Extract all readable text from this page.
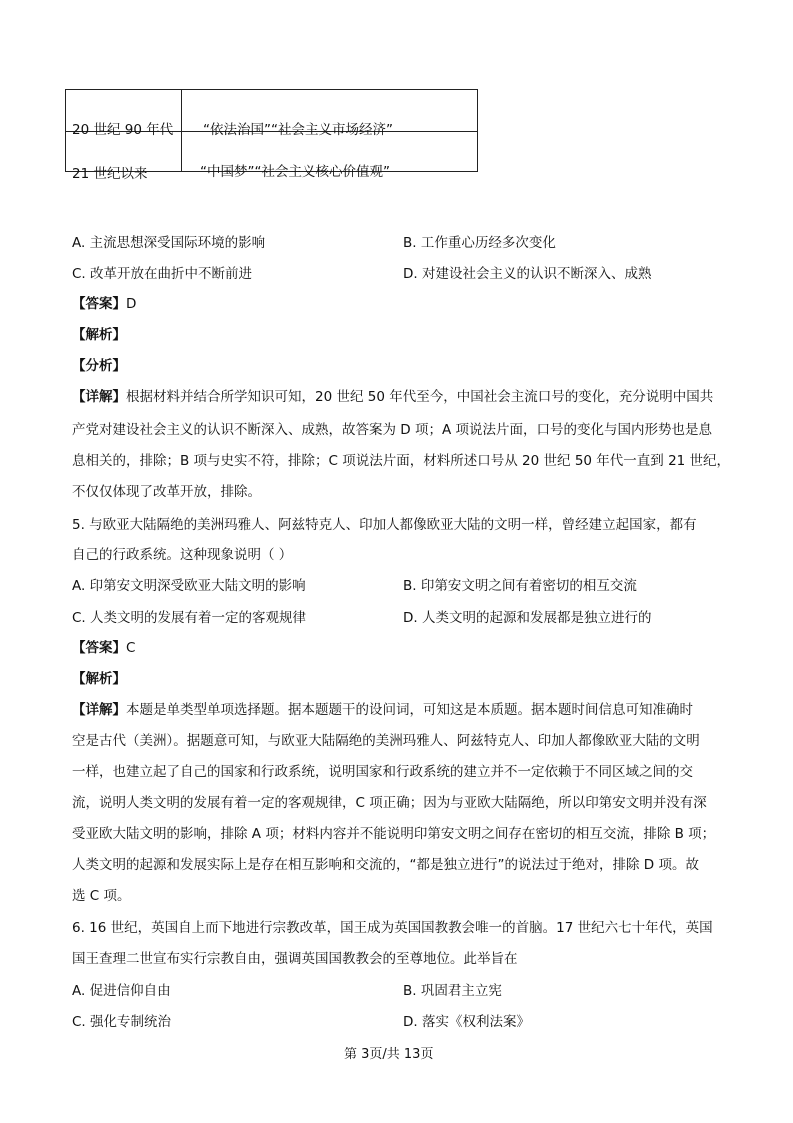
20 世纪 90 年代 “依法治国”“社会主义市场经济”
21 世纪以来	“中国梦”“社会主义核心价值观”
A. 主流思想深受国际环境的影响	B. 工作重心历经多次变化
C. 改革开放在曲折中不断前进	D. 对建设社会主义的认识不断深入、成熟
【答案】D
【解析】
【分析】
【详解】根据材料并结合所学知识可知，20 世纪 50 年代至今，中国社会主流口号的变化，充分说明中国共
产党对建设社会主义的认识不断深入、成熟，故答案为 D 项；A 项说法片面，口号的变化与国内形势也是息
息相关的，排除；B 项与史实不符，排除；C 项说法片面，材料所述口号从 20 世纪 50 年代一直到 21 世纪，
不仅仅体现了改革开放，排除。
5. 与欧亚大陆隔绝的美洲玛雅人、阿兹特克人、印加人都像欧亚大陆的文明一样，曾经建立起国家，都有
自己的行政系统。这种现象说明（ ）
A. 印第安文明深受欧亚大陆文明的影响	B. 印第安文明之间有着密切的相互交流
C. 人类文明的发展有着一定的客观规律	D. 人类文明的起源和发展都是独立进行的
【答案】C
【解析】
【详解】本题是单类型单项选择题。据本题题干的设问词，可知这是本质题。据本题时间信息可知准确时
空是古代（美洲）。据题意可知，与欧亚大陆隔绝的美洲玛雅人、阿兹特克人、印加人都像欧亚大陆的文明
一样，也建立起了自己的国家和行政系统，说明国家和行政系统的建立并不一定依赖于不同区域之间的交
流，说明人类文明的发展有着一定的客观规律，C 项正确；因为与亚欧大陆隔绝，所以印第安文明并没有深
受亚欧大陆文明的影响，排除 A 项；材料内容并不能说明印第安文明之间存在密切的相互交流，排除 B 项；
人类文明的起源和发展实际上是存在相互影响和交流的，“都是独立进行”的说法过于绝对，排除 D 项。故
选 C 项。
6. 16 世纪，英国自上而下地进行宗教改革，国王成为英国国教教会唯一的首脑。17 世纪六七十年代，英国
国王查理二世宣布实行宗教自由，强调英国国教教会的至尊地位。此举旨在
A. 促进信仰自由	B. 巩固君主立宪
C. 强化专制统治	D. 落实《权利法案》
第 3页/共 13页
